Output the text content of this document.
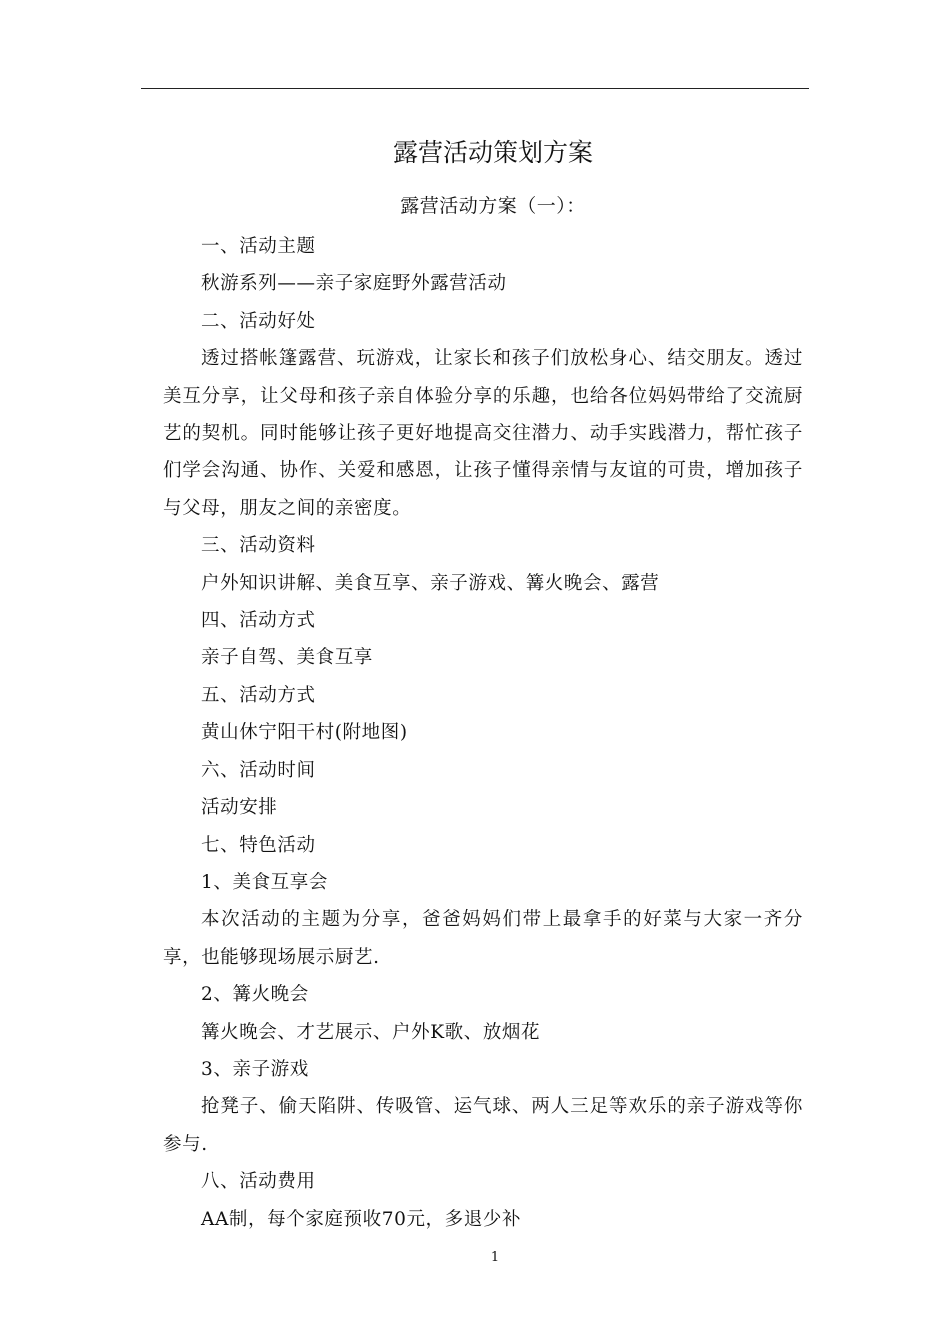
露营活动策划方案

露营活动方案（一）：

一、活动主题

秋游系列——亲子家庭野外露营活动

二、活动好处

透过搭帐篷露营、玩游戏，让家长和孩子们放松身心、结交朋友。透过美互分享，让父母和孩子亲自体验分享的乐趣，也给各位妈妈带给了交流厨艺的契机。同时能够让孩子更好地提高交往潜力、动手实践潜力，帮忙孩子们学会沟通、协作、关爱和感恩，让孩子懂得亲情与友谊的可贵，增加孩子与父母，朋友之间的亲密度。

三、活动资料

户外知识讲解、美食互享、亲子游戏、篝火晚会、露营

四、活动方式

亲子自驾、美食互享

五、活动方式

黄山休宁阳干村(附地图)

六、活动时间

活动安排

七、特色活动

1、美食互享会

本次活动的主题为分享，爸爸妈妈们带上最拿手的好菜与大家一齐分享，也能够现场展示厨艺.

2、篝火晚会

篝火晚会、才艺展示、户外K歌、放烟花

3、亲子游戏

抢凳子、偷天陷阱、传吸管、运气球、两人三足等欢乐的亲子游戏等你参与.

八、活动费用

AA制，每个家庭预收70元，多退少补

1
